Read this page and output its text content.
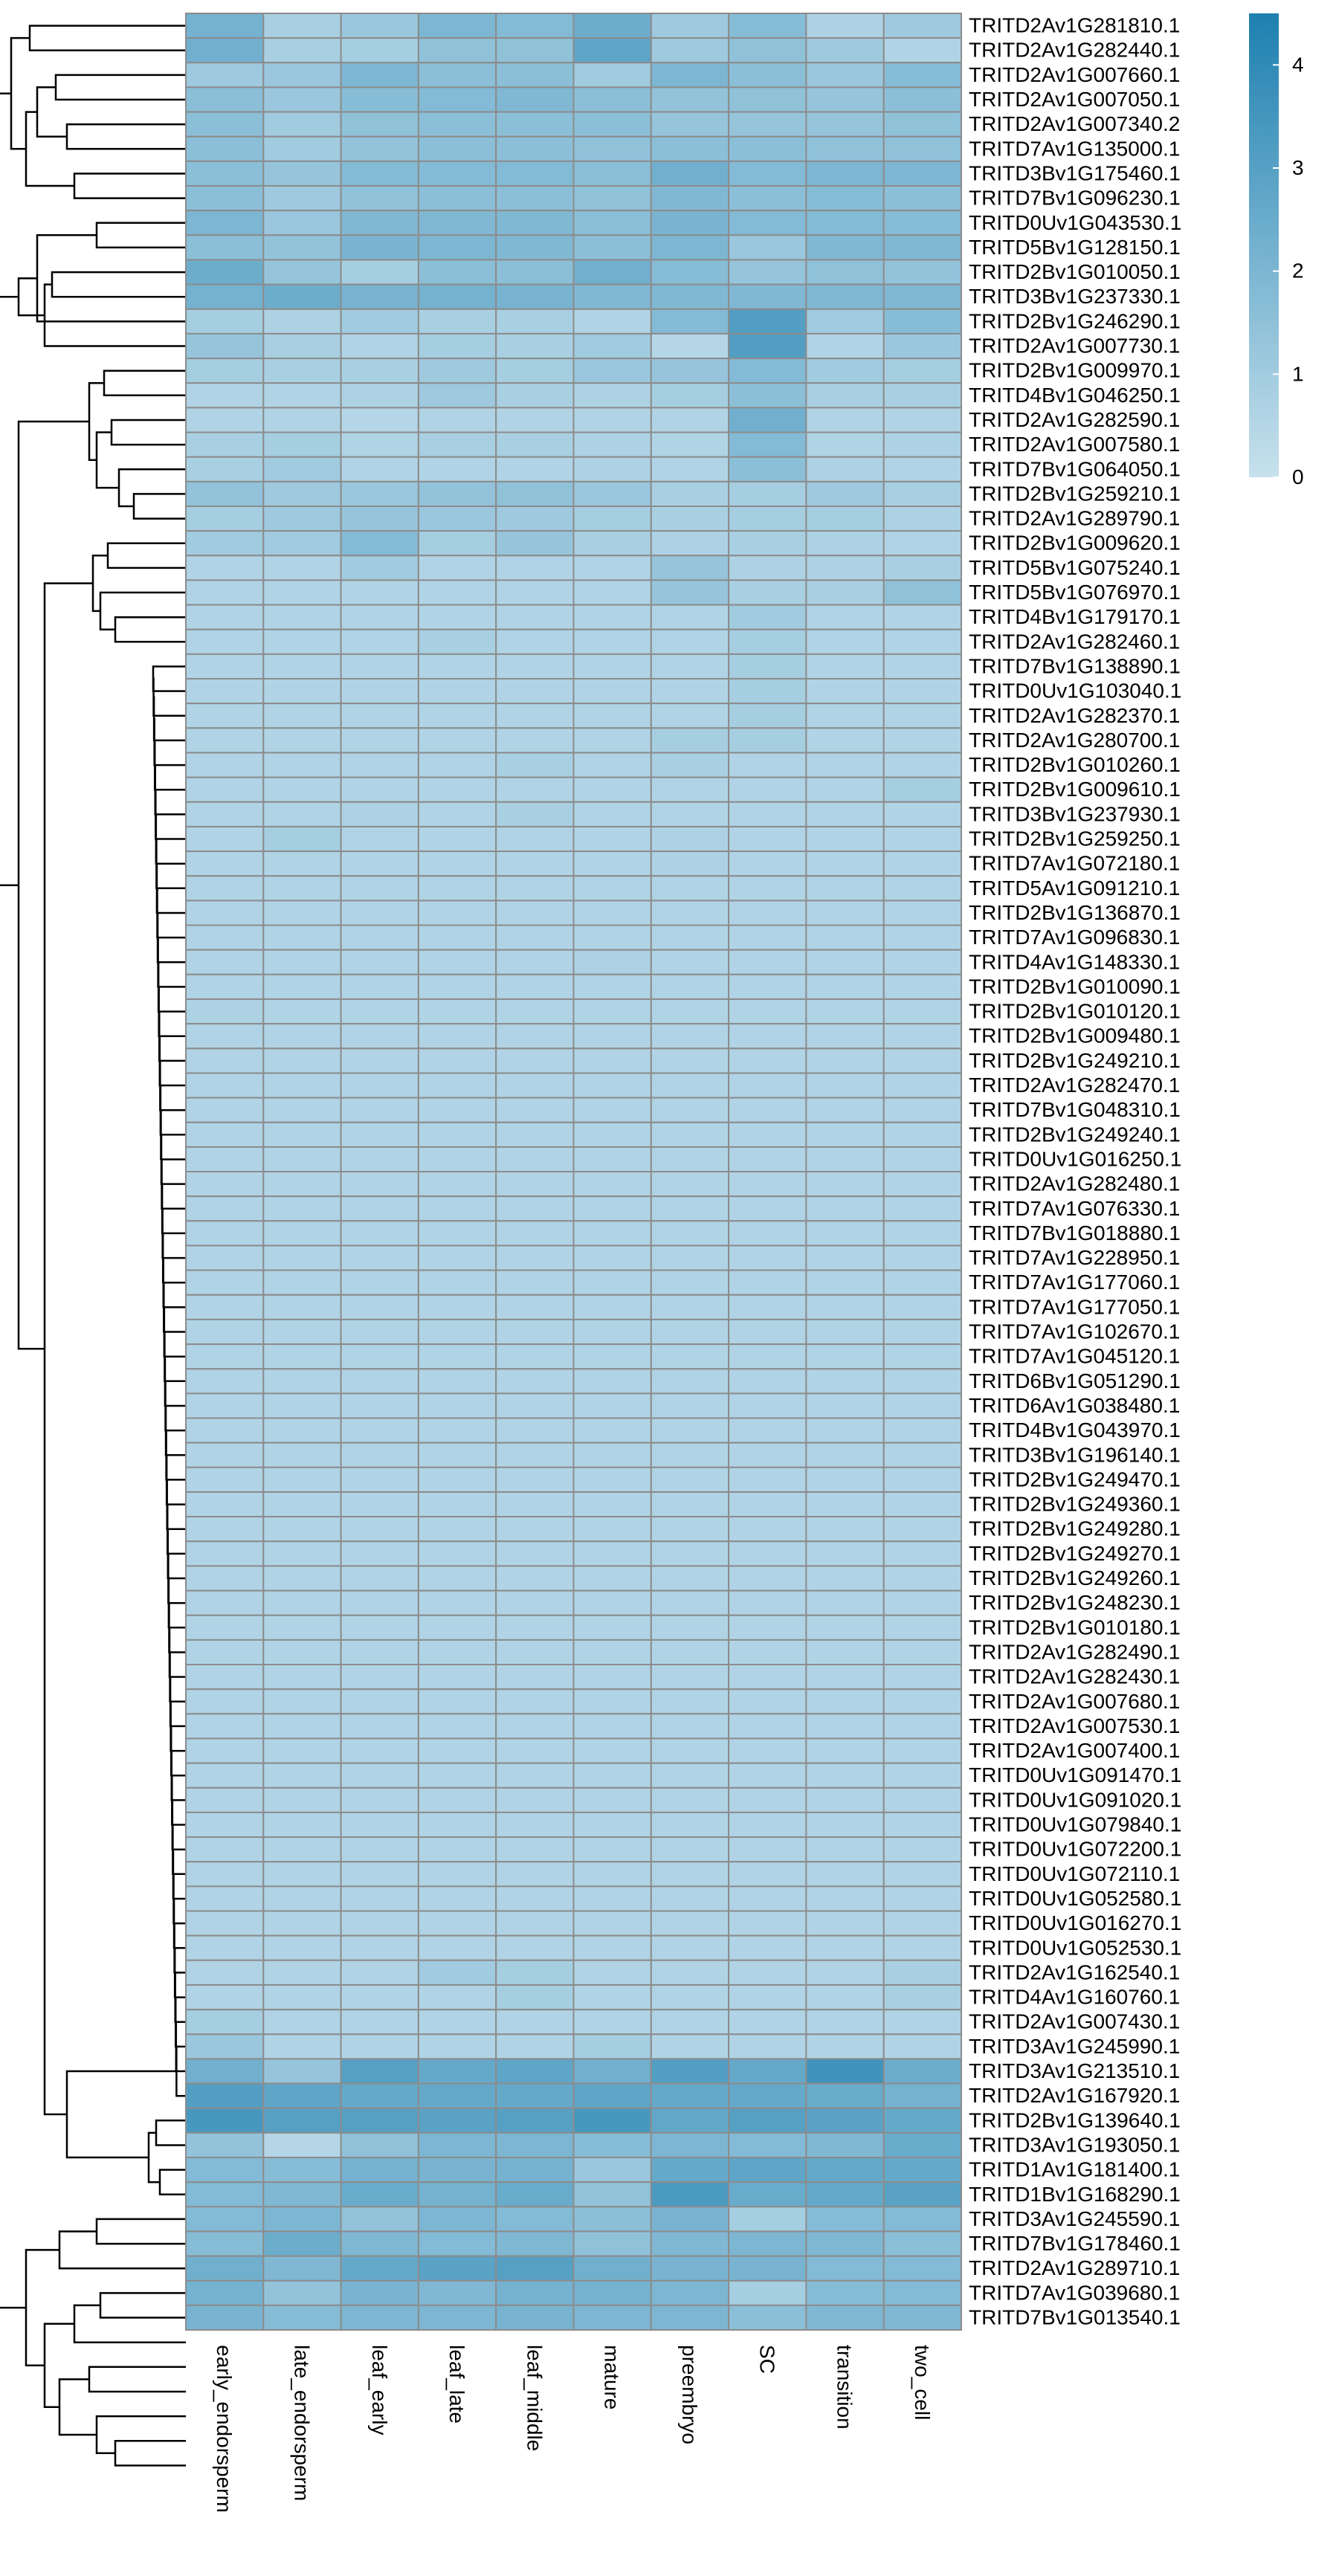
TRITD2Av1G281810.1
TRITD2Av1G282440.1
TRITD2Av1G007660.1
TRITD2Av1G007050.1
TRITD2Av1G007340.2
TRITD7Av1G135000.1
TRITD3Bv1G175460.1
TRITD7Bv1G096230.1
TRITD0Uv1G043530.1
TRITD5Bv1G128150.1
TRITD2Bv1G010050.1
TRITD3Bv1G237330.1
TRITD2Bv1G246290.1
TRITD2Av1G007730.1
TRITD2Bv1G009970.1
TRITD4Bv1G046250.1
TRITD2Av1G282590.1
TRITD2Av1G007580.1
TRITD7Bv1G064050.1
TRITD2Bv1G259210.1
TRITD2Av1G289790.1
TRITD2Bv1G009620.1
TRITD5Bv1G075240.1
TRITD5Bv1G076970.1
TRITD4Bv1G179170.1
TRITD2Av1G282460.1
TRITD7Bv1G138890.1
TRITD0Uv1G103040.1
TRITD2Av1G282370.1
TRITD2Av1G280700.1
TRITD2Bv1G010260.1
TRITD2Bv1G009610.1
TRITD3Bv1G237930.1
TRITD2Bv1G259250.1
TRITD7Av1G072180.1
TRITD5Av1G091210.1
TRITD2Bv1G136870.1
TRITD7Av1G096830.1
TRITD4Av1G148330.1
TRITD2Bv1G010090.1
TRITD2Bv1G010120.1
TRITD2Bv1G009480.1
TRITD2Bv1G249210.1
TRITD2Av1G282470.1
TRITD7Bv1G048310.1
TRITD2Bv1G249240.1
TRITD0Uv1G016250.1
TRITD2Av1G282480.1
TRITD7Av1G076330.1
TRITD7Bv1G018880.1
TRITD7Av1G228950.1
TRITD7Av1G177060.1
TRITD7Av1G177050.1
TRITD7Av1G102670.1
TRITD7Av1G045120.1
TRITD6Bv1G051290.1
TRITD6Av1G038480.1
TRITD4Bv1G043970.1
TRITD3Bv1G196140.1
TRITD2Bv1G249470.1
TRITD2Bv1G249360.1
TRITD2Bv1G249280.1
TRITD2Bv1G249270.1
TRITD2Bv1G249260.1
TRITD2Bv1G248230.1
TRITD2Bv1G010180.1
TRITD2Av1G282490.1
TRITD2Av1G282430.1
TRITD2Av1G007680.1
TRITD2Av1G007530.1
TRITD2Av1G007400.1
TRITD0Uv1G091470.1
TRITD0Uv1G091020.1
TRITD0Uv1G079840.1
TRITD0Uv1G072200.1
TRITD0Uv1G072110.1
TRITD0Uv1G052580.1
TRITD0Uv1G016270.1
TRITD0Uv1G052530.1
TRITD2Av1G162540.1
TRITD4Av1G160760.1
TRITD2Av1G007430.1
TRITD3Av1G245990.1
TRITD3Av1G213510.1
TRITD2Av1G167920.1
TRITD2Bv1G139640.1
TRITD3Av1G193050.1
TRITD1Av1G181400.1
TRITD1Bv1G168290.1
TRITD3Av1G245590.1
TRITD7Bv1G178460.1
TRITD2Av1G289710.1
TRITD7Av1G039680.1
TRITD7Bv1G013540.1
early_endorsperm	late_endorsperm	leaf_early	leaf_late	leaf_middle	mature	preembryo	SC	transition	two_cell
0
1
2
3
4
